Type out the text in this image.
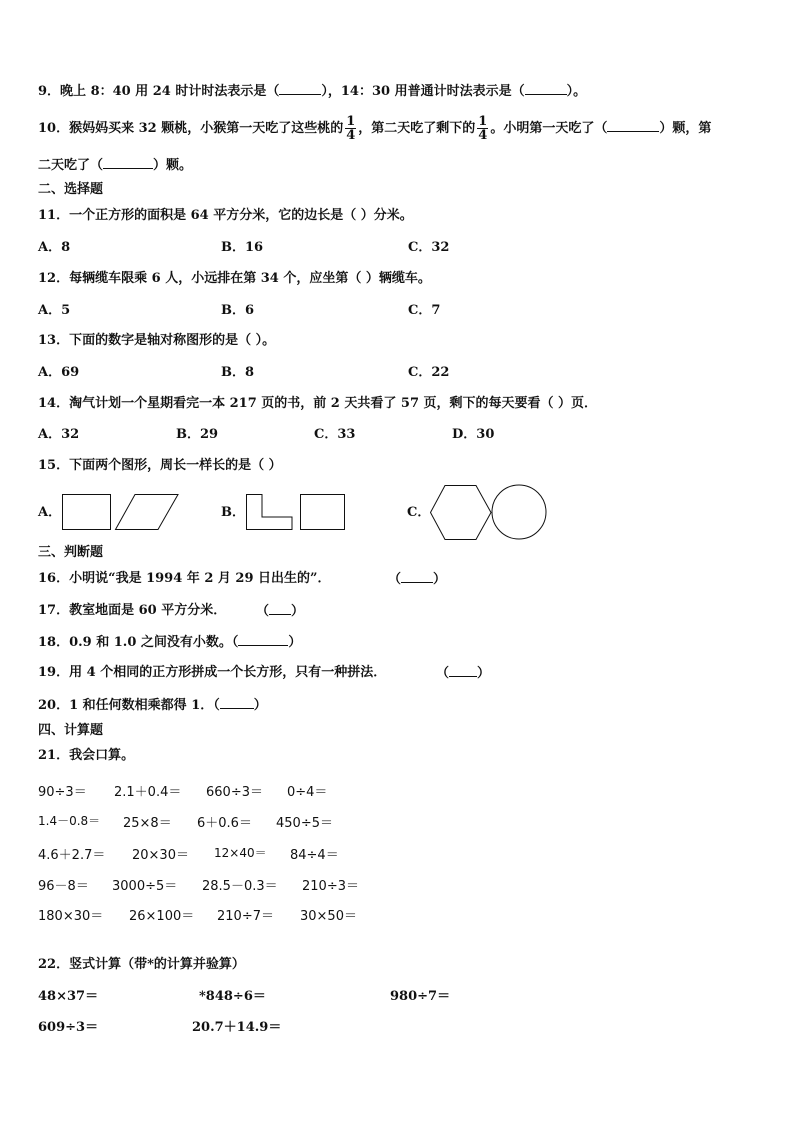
9．晚上 8：40 用 24 时计时法表示是（	），14：30 用普通计时法表示是（	）。
10．猴妈妈买来 32 颗桃，小猴第一天吃了这些桃的 $\frac{1}{4}$ ，第二天吃了剩下的 $\frac{1}{4}$ 。小明第一天吃了（	）颗，第
二天吃了（	）颗。
二、选择题
11．一个正方形的面积是 64 平方分米，它的边长是（ ）分米。
A．8	B．16	C．32
12．每辆缆车限乘 6 人，小远排在第 34 个，应坐第（ ）辆缆车。
A．5	B．6	C．7
13．下面的数字是轴对称图形的是（ ）。
A．69	B．8	C．22
14．淘气计划一个星期看完一本 217 页的书，前 2 天共看了 57 页，剩下的每天要看（ ）页．
A．32	B．29	C．33	D．30
15．下面两个图形，周长一样长的是（ ）
A．	B．	C．
三、判断题
16．小明说“我是 1994 年 2 月 29 日出生的”．	（ ）
17．教室地面是 60 平方分米． （ ）
18．0.9 和 1.0 之间没有小数。（	）
19．用 4 个相同的正方形拼成一个长方形，只有一种拼法．	（ ）
20．1 和任何数相乘都得 1．（	）
四、计算题
21．我会口算。
90÷3＝ 2.1＋0.4＝ 660÷3＝ 0÷4＝
1.4－0.8＝ 25×8＝ 6＋0.6＝ 450÷5＝
4.6＋2.7＝ 20×30＝ 12×40＝ 84÷4＝
96－8＝ 3000÷5＝ 28.5－0.3＝ 210÷3＝
180×30＝ 26×100＝ 210÷7＝ 30×50＝
22．竖式计算（带*的计算并验算）
48×37＝	*848÷6＝	980÷7＝
609÷3＝	20.7＋14.9＝
